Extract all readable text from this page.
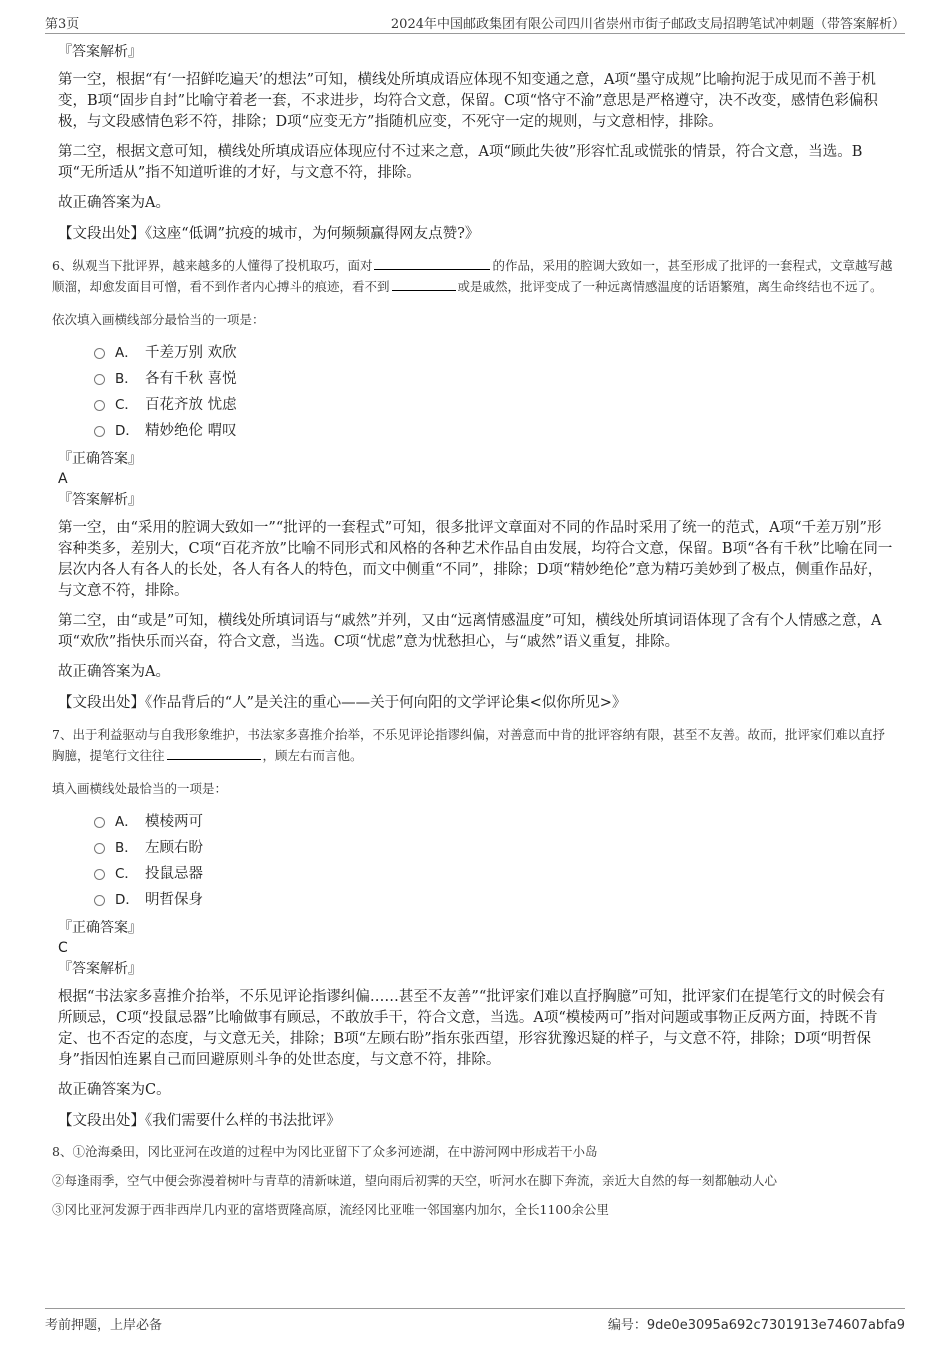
第3页	2024年中国邮政集团有限公司四川省崇州市街子邮政支局招聘笔试冲刺题（带答案解析）
『答案解析』
第一空，根据“有‘一招鲜吃遍天’的想法”可知，横线处所填成语应体现不知变通之意，A项“墨守成规”比喻拘泥于成见而不善于机变，B项“固步自封”比喻守着老一套，不求进步，均符合文意，保留。C项“恪守不渝”意思是严格遵守，决不改变，感情色彩偏积极，与文段感情色彩不符，排除；D项“应变无方”指随机应变，不死守一定的规则，与文意相悖，排除。
第二空，根据文意可知，横线处所填成语应体现应付不过来之意，A项“顾此失彼”形容忙乱或慌张的情景，符合文意，当选。B项“无所适从”指不知道听谁的才好，与文意不符，排除。
故正确答案为A。
【文段出处】《这座“低调”抗疫的城市，为何频频赢得网友点赞?》
6、纵观当下批评界，越来越多的人懂得了投机取巧，面对	的作品，采用的腔调大致如一，甚至形成了批评的一套程式，文章越写越顺溜，却愈发面目可憎，看不到作者内心搏斗的痕迹，看不到	或是戚然，批评变成了一种远离情感温度的话语繁殖，离生命终结也不远了。
依次填入画横线部分最恰当的一项是：
A． 千差万别 欢欣
B． 各有千秋 喜悦
C． 百花齐放 忧虑
D． 精妙绝伦 喟叹
『正确答案』
A
『答案解析』
第一空，由“采用的腔调大致如一”“批评的一套程式”可知，很多批评文章面对不同的作品时采用了统一的范式，A项“千差万别”形容种类多，差别大，C项“百花齐放”比喻不同形式和风格的各种艺术作品自由发展，均符合文意，保留。B项“各有千秋”比喻在同一层次内各人有各人的长处，各人有各人的特色，而文中侧重“不同”，排除；D项“精妙绝伦”意为精巧美妙到了极点，侧重作品好，与文意不符，排除。
第二空，由“或是”可知，横线处所填词语与“戚然”并列，又由“远离情感温度”可知，横线处所填词语体现了含有个人情感之意，A项“欢欣”指快乐而兴奋，符合文意，当选。C项“忧虑”意为忧愁担心，与“戚然”语义重复，排除。
故正确答案为A。
【文段出处】《作品背后的“人”是关注的重心——关于何向阳的文学评论集<似你所见>》
7、出于利益驱动与自我形象维护，书法家多喜推介抬举，不乐见评论指谬纠偏，对善意而中肯的批评容纳有限，甚至不友善。故而，批评家们难以直抒胸臆，提笔行文往往	，顾左右而言他。
填入画横线处最恰当的一项是：
A． 模棱两可
B． 左顾右盼
C． 投鼠忌器
D． 明哲保身
『正确答案』
C
『答案解析』
根据“书法家多喜推介抬举，不乐见评论指谬纠偏……甚至不友善”“批评家们难以直抒胸臆”可知，批评家们在提笔行文的时候会有所顾忌，C项“投鼠忌器”比喻做事有顾忌，不敢放手干，符合文意，当选。A项“模棱两可”指对问题或事物正反两方面，持既不肯定、也不否定的态度，与文意无关，排除；B项“左顾右盼”指东张西望，形容犹豫迟疑的样子，与文意不符，排除；D项“明哲保身”指因怕连累自己而回避原则斗争的处世态度，与文意不符，排除。
故正确答案为C。
【文段出处】《我们需要什么样的书法批评》
8、①沧海桑田，冈比亚河在改道的过程中为冈比亚留下了众多河迹湖，在中游河网中形成若干小岛
②每逢雨季，空气中便会弥漫着树叶与青草的清新味道，望向雨后初霁的天空，听河水在脚下奔流，亲近大自然的每一刻都触动人心
③冈比亚河发源于西非西岸几内亚的富塔贾隆高原，流经冈比亚唯一邻国塞内加尔，全长1100余公里
考前押题，上岸必备	编号：9de0e3095a692c7301913e74607abfa9
